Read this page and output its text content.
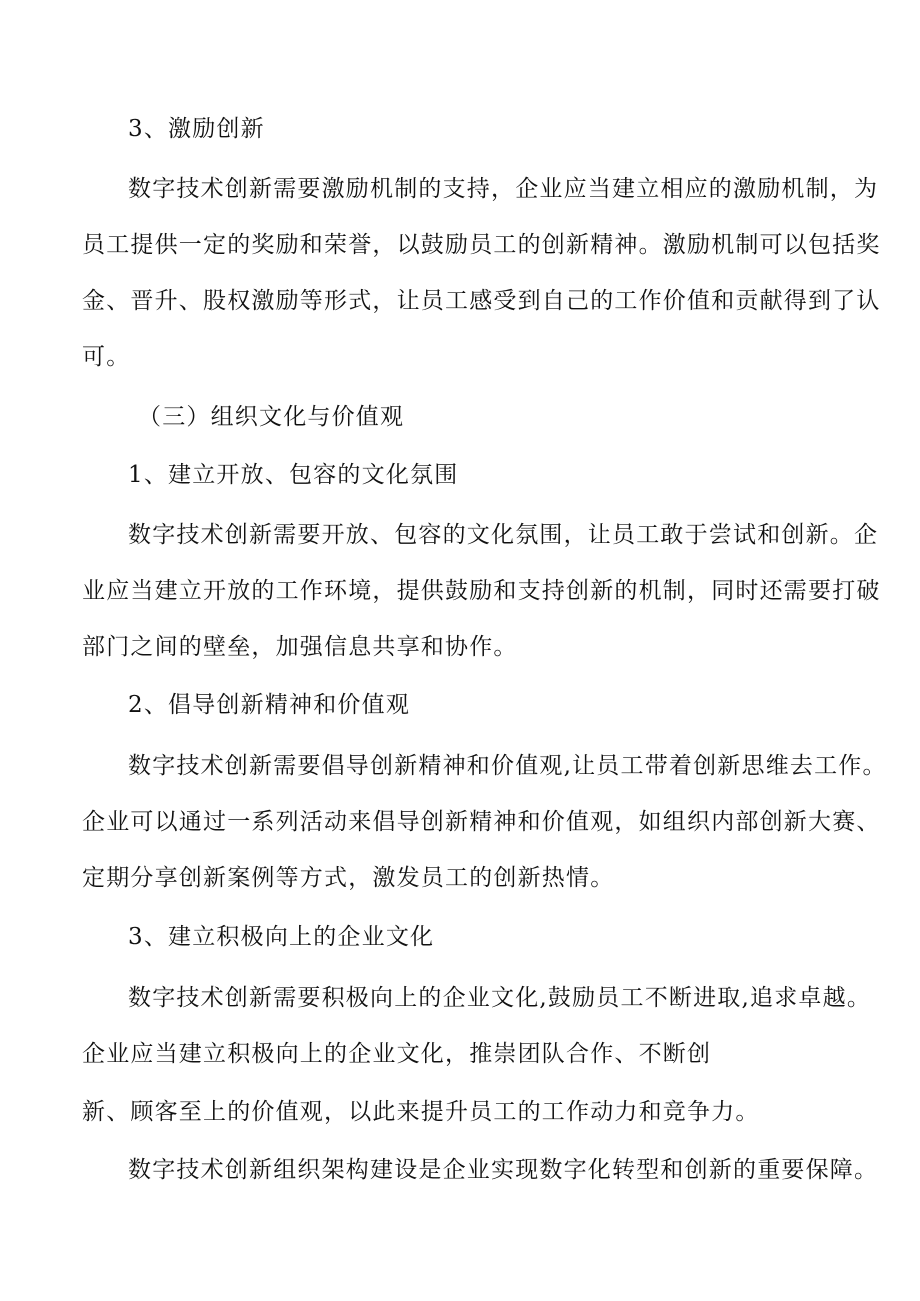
3、激励创新
数字技术创新需要激励机制的支持，企业应当建立相应的激励机制，为
员工提供一定的奖励和荣誉，以鼓励员工的创新精神。激励机制可以包括奖
金、晋升、股权激励等形式，让员工感受到自己的工作价值和贡献得到了认
可。
（三）组织文化与价值观
1、建立开放、包容的文化氛围
数字技术创新需要开放、包容的文化氛围，让员工敢于尝试和创新。企
业应当建立开放的工作环境，提供鼓励和支持创新的机制，同时还需要打破
部门之间的壁垒，加强信息共享和协作。
2、倡导创新精神和价值观
数字技术创新需要倡导创新精神和价值观,让员工带着创新思维去工作。
企业可以通过一系列活动来倡导创新精神和价值观，如组织内部创新大赛、
定期分享创新案例等方式，激发员工的创新热情。
3、建立积极向上的企业文化
数字技术创新需要积极向上的企业文化,鼓励员工不断进取,追求卓越。
企业应当建立积极向上的企业文化，推崇团队合作、不断创
新、顾客至上的价值观，以此来提升员工的工作动力和竞争力。
数字技术创新组织架构建设是企业实现数字化转型和创新的重要保障。
